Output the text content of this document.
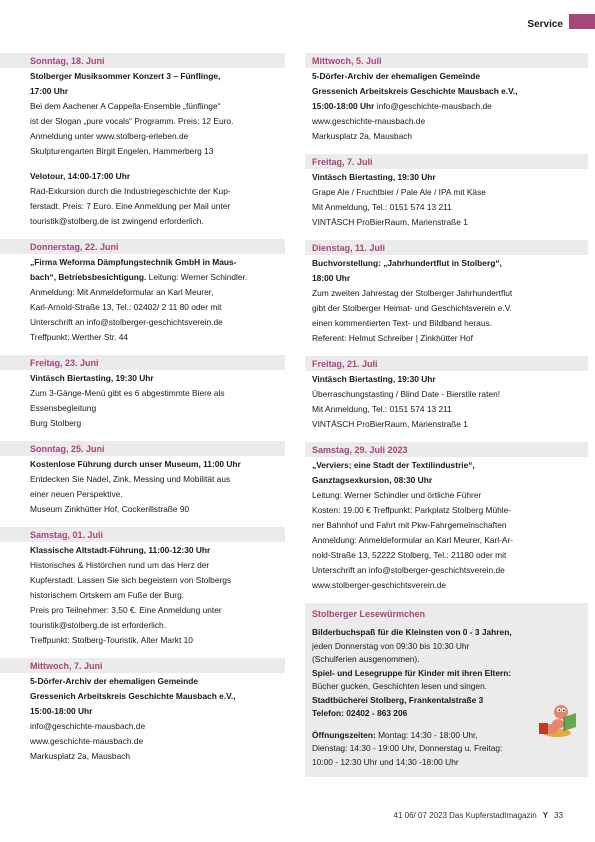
Service
Sonntag, 18. Juni
Stolberger Musiksommer Konzert 3 – Fünflinge,
17:00 Uhr
Bei dem Aachener A Cappella-Ensemble „fünflinge“
ist der Slogan „pure vocals“ Programm. Preis: 12 Euro.
Anmeldung unter www.stolberg-erleben.de
Skulpturengarten Birgit Engelen, Hammerberg 13

Velotour, 14:00-17:00 Uhr
Rad-Exkursion durch die Industriegeschichte der Kup-
ferstadt. Preis: 7 Euro. Eine Anmeldung per Mail unter
touristik@stolberg.de ist zwingend erforderlich.
Donnerstag, 22. Juni
„Firma Weforma Dämpfungstechnik GmbH in Maus-
bach“, Betriebsbesichtigung. Leitung: Werner Schindler.
Anmeldung: Mit Anmeldeformular an Karl Meurer,
Karl-Arnold-Straße 13, Tel.: 02402/ 2 11 80 oder mit
Unterschrift an info@stolberger-geschichtsverein.de
Treffpunkt: Werther Str. 44
Freitag, 23. Juni
Vintäsch Biertasting, 19:30 Uhr
Zum 3-Gänge-Menü gibt es 6 abgestimmte Biere als
Essensbegleitung
Burg Stolberg
Sonntag, 25. Juni
Kostenlose Führung durch unser Museum, 11:00 Uhr
Entdecken Sie Nadel, Zink, Messing und Mobilität aus
einer neuen Perspektive.
Museum Zinkhütter Hof, Cockerillstraße 90
Samstag, 01. Juli
Klassische Altstadt-Führung, 11:00-12:30 Uhr
Historisches & Histörchen rund um das Herz der
Kupferstadt. Lassen Sie sich begeistern von Stolbergs
historischem Ortskern am Fuße der Burg.
Preis pro Teilnehmer: 3,50 €. Eine Anmeldung unter
touristik@stolberg.de ist erforderlich.
Treffpunkt: Stolberg-Touristik, Alter Markt 10
Mittwoch, 7. Juni
5-Dörfer-Archiv der ehemaligen Gemeinde
Gressenich Arbeitskreis Geschichte Mausbach e.V.,
15:00-18:00 Uhr
info@geschichte-mausbach.de
www.geschichte-mausbach.de
Markusplatz 2a, Mausbach
Mittwoch, 5. Juli
5-Dörfer-Archiv der ehemaligen Gemeinde
Gressenich Arbeitskreis Geschichte Mausbach e.V.,
15:00-18:00 Uhr info@geschichte-mausbach.de
www.geschichte-mausbach.de
Markusplatz 2a, Mausbach
Freitag, 7. Juli
Vintäsch Biertasting, 19:30 Uhr
Grape Ale / Fruchtbier / Pale Ale / IPA mit Käse
Mit Anmeldung, Tel.: 0151 574 13 211
VINTÄSCH ProBierRaum, Marienstraße 1
Dienstag, 11. Juli
Buchvorstellung: „Jahrhundertflut in Stolberg“,
18:00 Uhr
Zum zweiten Jahrestag der Stolberger Jahrhundertflut
gibt der Stolberger Heimat- und Geschichtsverein e.V.
einen kommentierten Text- und Bildband heraus.
Referent: Helmut Schreiber | Zinkhütter Hof
Freitag, 21. Juli
Vintäsch Biertasting, 19:30 Uhr
Überraschungstasting / Blind Date - Bierstile raten!
Mit Anmeldung, Tel.: 0151 574 13 211
VINTÄSCH ProBierRaum, Marienstraße 1
Samstag, 29. Juli 2023
„Verviers; eine Stadt der Textilindustrie“,
Ganztagsexkursion, 08:30 Uhr
Leitung: Werner Schindler und örtliche Führer
Kosten: 19.00 € Treffpunkt: Parkplatz Stolberg Mühle-
ner Bahnhof und Fahrt mit Pkw-Fahrgemeinschaften
Anmeldung: Anmeldeformular an Karl Meurer, Karl-Ar-
nold-Straße 13, 52222 Stolberg, Tel.: 21180 oder mit
Unterschrift an info@stolberger-geschichtsverein.de
www.stolberger-geschichtsverein.de
Stolberger Lesewürmchen
Bilderbuchspaß für die Kleinsten von 0 - 3 Jahren,
jeden Donnerstag von 09:30 bis 10:30 Uhr
(Schulferien ausgenommen).
Spiel- und Lesegruppe für Kinder mit ihren Eltern:
Bücher gucken, Geschichten lesen und singen.
Stadtbücherei Stolberg, Frankentalstraße 3
Telefon: 02402 - 863 206

Öffnungszeiten: Montag: 14:30 - 18:00 Uhr,
Dienstag: 14:30 - 19:00 Uhr, Donnerstag u. Freitag:
10:00 - 12:30 Uhr und 14:30 -18:00 Uhr
41 06/ 07 2023 Das Kupferstadtmagazin Y 33
